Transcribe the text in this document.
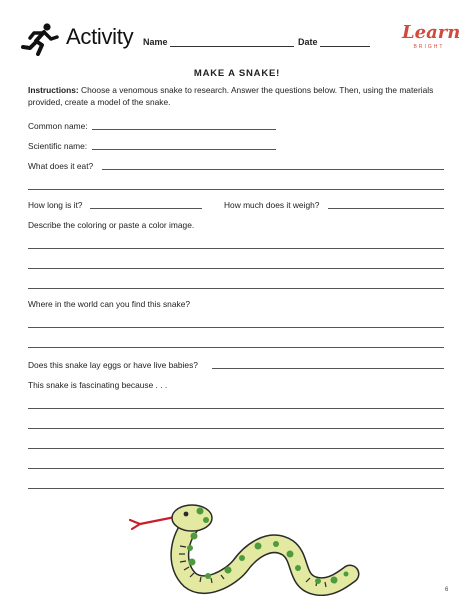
Activity Name	Date	Learn
BRIGHT
MAKE A SNAKE!
Instructions: Choose a venomous snake to research. Answer the questions below. Then, using the materials provided, create a model of the snake.
Common name:
Scientific name:
What does it eat?
How long is it?	How much does it weigh?
Describe the coloring or paste a color image.
Where in the world can you find this snake?
Does this snake lay eggs or have live babies?
This snake is fascinating because . . .
6
